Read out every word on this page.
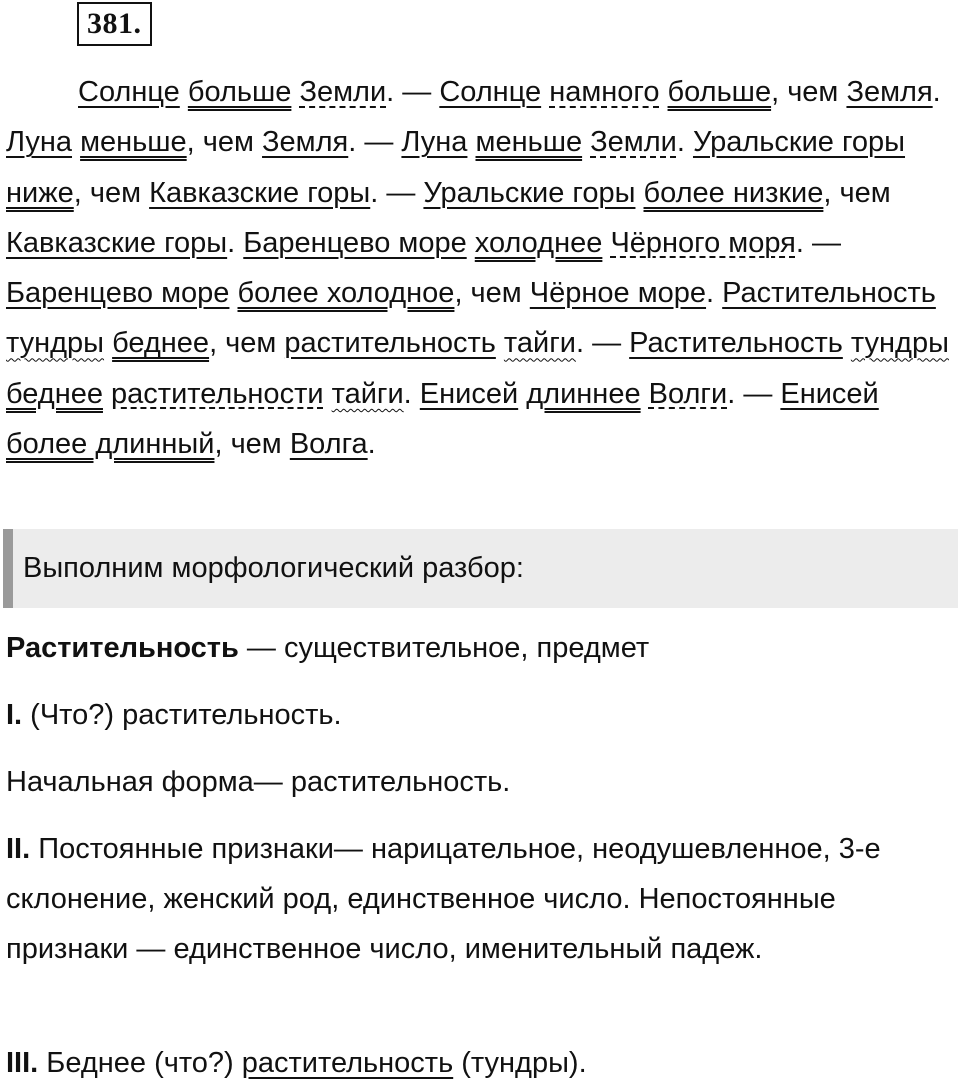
381.

Солнце больше Земли. — Солнце намного больше, чем Земля. Луна меньше, чем Земля. — Луна меньше Земли. Уральские горы ниже, чем Кавказские горы. — Уральские горы более низкие, чем Кавказские горы. Баренцево море холоднее Чёрного моря. — Баренцево море более холодное, чем Чёрное море. Растительность тундры беднее, чем растительность тайги. — Растительность тундры беднее растительности тайги. Енисей длиннее Волги. — Енисей более длинный, чем Волга.

Выполним морфологический разбор:
Растительность — существительное, предмет
I. (Что?) растительность.
Начальная форма— растительность.

II. Постоянные признаки— нарицательное, неодушевленное, 3-е склонение, женский род, единственное число. Непостоянные признаки — единственное число, именительный падеж.

III. Беднее (что?) растительность (тундры).
